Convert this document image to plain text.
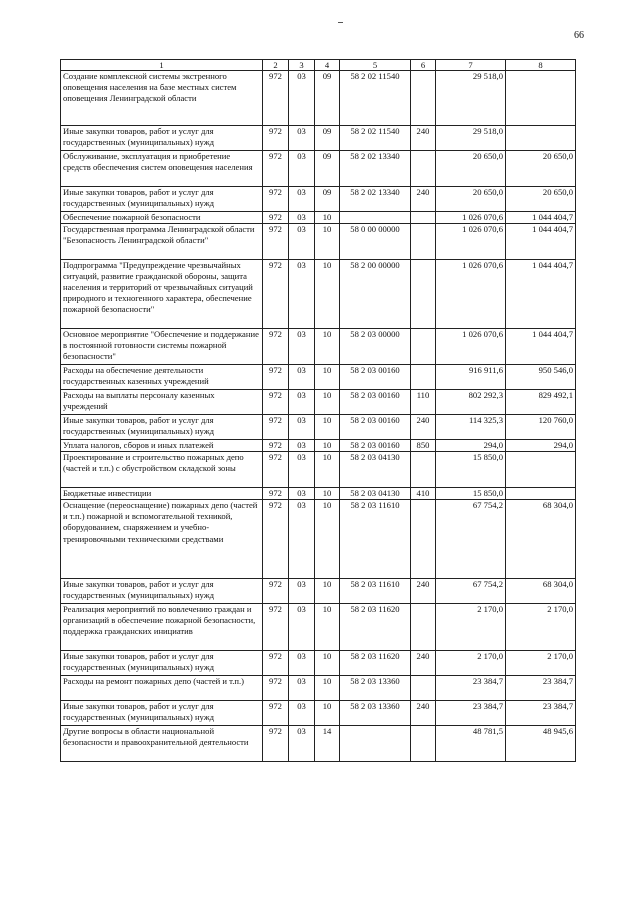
66
1	2	3	4	5	6	7	8
Создание комплексной системы экстренного оповещения населения на базе местных систем оповещения Ленинградской области	972	03	09	58 2 02 11540		29 518,0	
Иные закупки товаров, работ и услуг для государственных (муниципальных) нужд	972	03	09	58 2 02 11540	240	29 518,0	
Обслуживание, эксплуатация и приобретение средств обеспечения систем оповещения населения	972	03	09	58 2 02 13340		20 650,0	20 650,0
Иные закупки товаров, работ и услуг для государственных (муниципальных) нужд	972	03	09	58 2 02 13340	240	20 650,0	20 650,0
Обеспечение пожарной безопасности	972	03	10			1 026 070,6	1 044 404,7
Государственная программа Ленинградской области "Безопасность Ленинградской области"	972	03	10	58 0 00 00000		1 026 070,6	1 044 404,7
Подпрограмма "Предупреждение чрезвычайных ситуаций, развитие гражданской обороны, защита населения и территорий от чрезвычайных ситуаций природного и техногенного характера, обеспечение пожарной безопасности"	972	03	10	58 2 00 00000		1 026 070,6	1 044 404,7
Основное мероприятие "Обеспечение и поддержание в постоянной готовности системы пожарной безопасности"	972	03	10	58 2 03 00000		1 026 070,6	1 044 404,7
Расходы на обеспечение деятельности государственных казенных учреждений	972	03	10	58 2 03 00160		916 911,6	950 546,0
Расходы на выплаты персоналу казенных учреждений	972	03	10	58 2 03 00160	110	802 292,3	829 492,1
Иные закупки товаров, работ и услуг для государственных (муниципальных) нужд	972	03	10	58 2 03 00160	240	114 325,3	120 760,0
Уплата налогов, сборов и иных платежей	972	03	10	58 2 03 00160	850	294,0	294,0
Проектирование и строительство пожарных депо (частей и т.п.) с обустройством складской зоны	972	03	10	58 2 03 04130		15 850,0	
Бюджетные инвестиции	972	03	10	58 2 03 04130	410	15 850,0	
Оснащение (переоснащение) пожарных депо (частей и т.п.) пожарной и вспомогательной техникой, оборудованием, снаряжением и учебно-тренировочными техническими средствами	972	03	10	58 2 03 11610		67 754,2	68 304,0
Иные закупки товаров, работ и услуг для государственных (муниципальных) нужд	972	03	10	58 2 03 11610	240	67 754,2	68 304,0
Реализация мероприятий по вовлечению граждан и организаций в обеспечение пожарной безопасности, поддержка гражданских инициатив	972	03	10	58 2 03 11620		2 170,0	2 170,0
Иные закупки товаров, работ и услуг для государственных (муниципальных) нужд	972	03	10	58 2 03 11620	240	2 170,0	2 170,0
Расходы на ремонт пожарных депо (частей и т.п.)	972	03	10	58 2 03 13360		23 384,7	23 384,7
Иные закупки товаров, работ и услуг для государственных (муниципальных) нужд	972	03	10	58 2 03 13360	240	23 384,7	23 384,7
Другие вопросы в области национальной безопасности и правоохранительной деятельности	972	03	14			48 781,5	48 945,6
